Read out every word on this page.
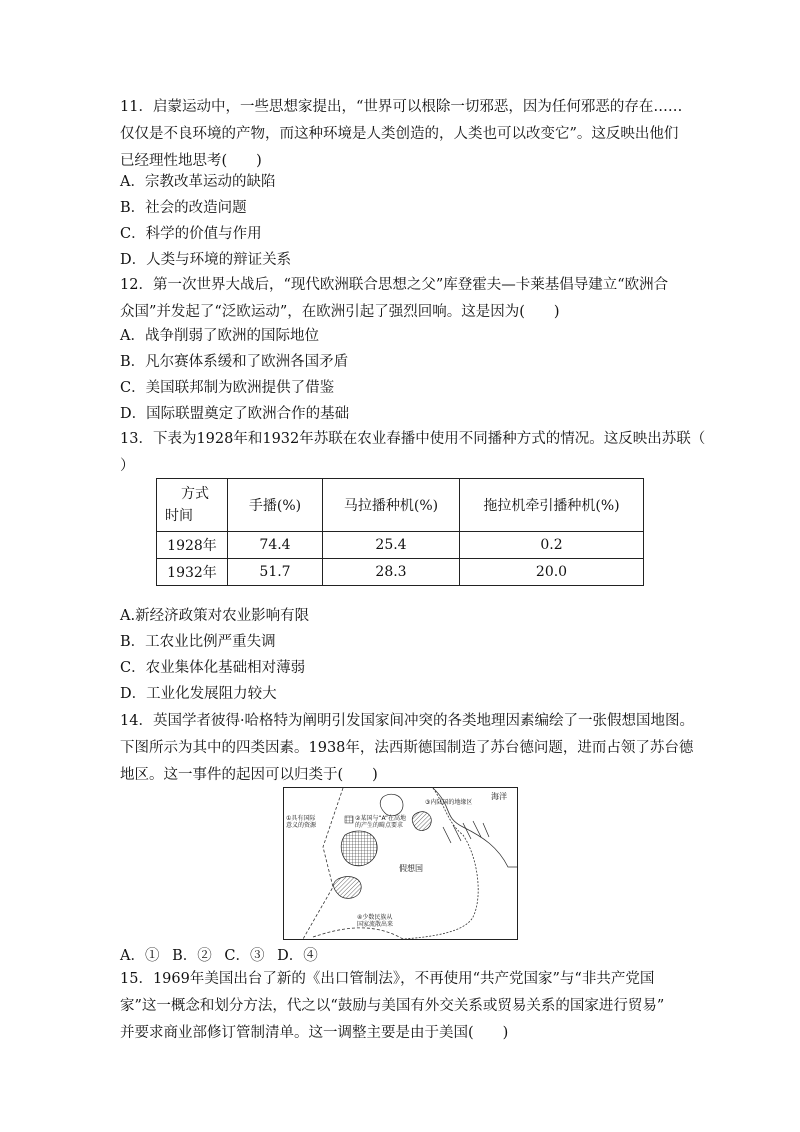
11．启蒙运动中，一些思想家提出，“世界可以根除一切邪恶，因为任何邪恶的存在……
仅仅是不良环境的产物，而这种环境是人类创造的，人类也可以改变它”。这反映出他们
已经理性地思考(　　)
A．宗教改革运动的缺陷
B．社会的改造问题
C．科学的价值与作用
D．人类与环境的辩证关系
12．第一次世界大战后，“现代欧洲联合思想之父”库登霍夫—卡莱基倡导建立“欧洲合
众国”并发起了“泛欧运动”，在欧洲引起了强烈回响。这是因为(　　)
A．战争削弱了欧洲的国际地位
B．凡尔赛体系缓和了欧洲各国矛盾
C．美国联邦制为欧洲提供了借鉴
D．国际联盟奠定了欧洲合作的基础
13．下表为1928年和1932年苏联在农业春播中使用不同播种方式的情况。这反映出苏联（
）
方式
时间	手播(%)	马拉播种机(%)	拖拉机牵引播种机(%)
1928年	74.4	25.4	0.2
1932年	51.7	28.3	20.0
A.新经济政策对农业影响有限
B．工农业比例严重失调
C．农业集体化基础相对薄弱
D．工业化发展阻力较大
14．英国学者彼得·哈格特为阐明引发国家间冲突的各类地理因素编绘了一张假想国地图。
下图所示为其中的四类因素。1938年，法西斯德国制造了苏台德问题，进而占领了苏台德
地区。这一事件的起因可以归类于(　　)
①具有国际
意义的资源
②某国与“A”在高地
的产生的畸点要求
③内陆国的地缘区
海洋
假想国
④少数民族从
国家流散出来
A．① B．② C．③ D．④
15．1969年美国出台了新的《出口管制法》，不再使用“共产党国家”与“非共产党国
家”这一概念和划分方法，代之以“鼓励与美国有外交关系或贸易关系的国家进行贸易”
并要求商业部修订管制清单。这一调整主要是由于美国(　　)
